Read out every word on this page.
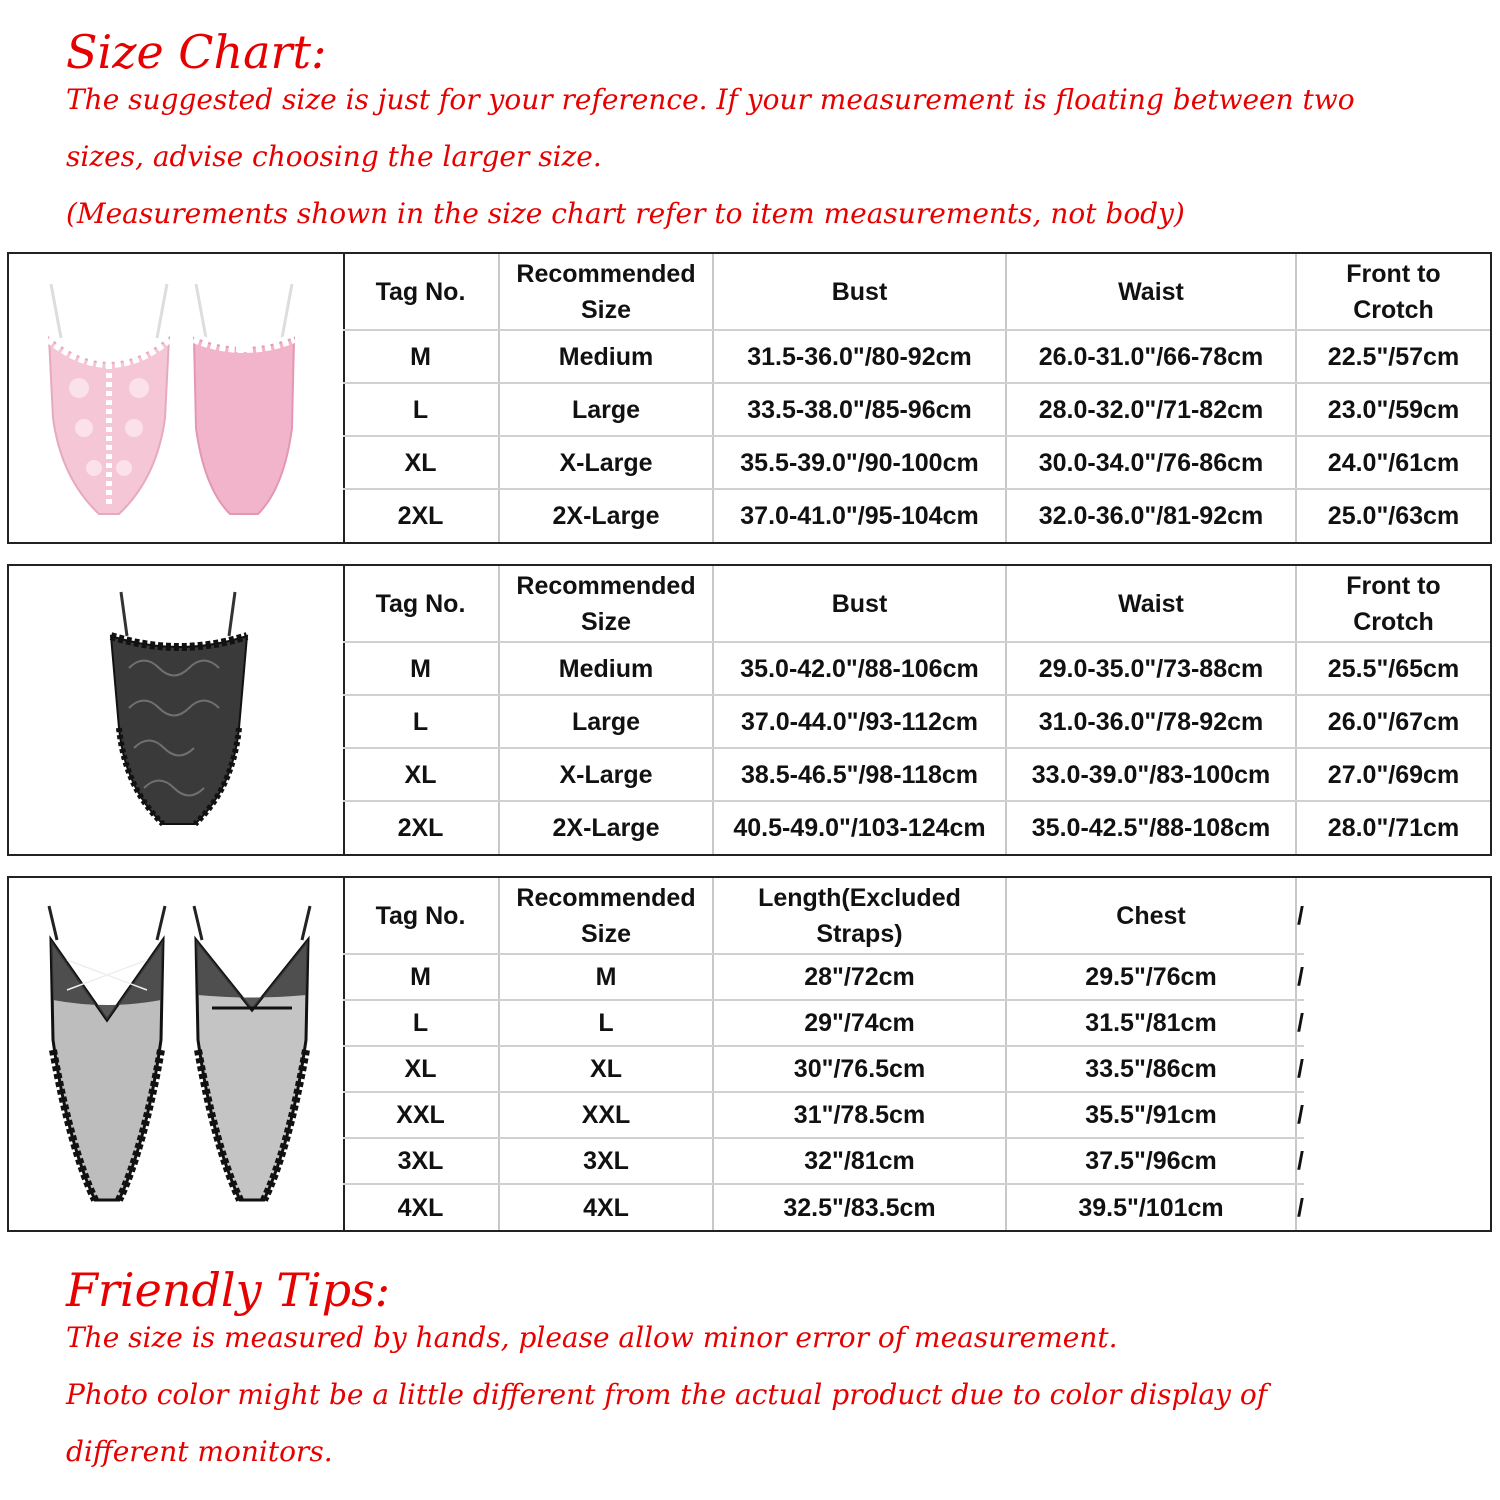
Size Chart:
The suggested size is just for your reference. If your measurement is floating between two
sizes, advise choosing the larger size.
(Measurements shown in the size chart refer to item measurements, not body)
Tag No.	Recommended Size	Bust	Waist	Front to Crotch
M	Medium	31.5-36.0"/80-92cm	26.0-31.0"/66-78cm	22.5"/57cm
L	Large	33.5-38.0"/85-96cm	28.0-32.0"/71-82cm	23.0"/59cm
XL	X-Large	35.5-39.0"/90-100cm	30.0-34.0"/76-86cm	24.0"/61cm
2XL	2X-Large	37.0-41.0"/95-104cm	32.0-36.0"/81-92cm	25.0"/63cm
Tag No.	Recommended Size	Bust	Waist	Front to Crotch
M	Medium	35.0-42.0"/88-106cm	29.0-35.0"/73-88cm	25.5"/65cm
L	Large	37.0-44.0"/93-112cm	31.0-36.0"/78-92cm	26.0"/67cm
XL	X-Large	38.5-46.5"/98-118cm	33.0-39.0"/83-100cm	27.0"/69cm
2XL	2X-Large	40.5-49.0"/103-124cm	35.0-42.5"/88-108cm	28.0"/71cm
Tag No.	Recommended Size	Length(Excluded Straps)	Chest	/
M	M	28"/72cm	29.5"/76cm	/
L	L	29"/74cm	31.5"/81cm	/
XL	XL	30"/76.5cm	33.5"/86cm	/
XXL	XXL	31"/78.5cm	35.5"/91cm	/
3XL	3XL	32"/81cm	37.5"/96cm	/
4XL	4XL	32.5"/83.5cm	39.5"/101cm	/
Friendly Tips:
The size is measured by hands, please allow minor error of measurement.
Photo color might be a little different from the actual product due to color display of
different monitors.
